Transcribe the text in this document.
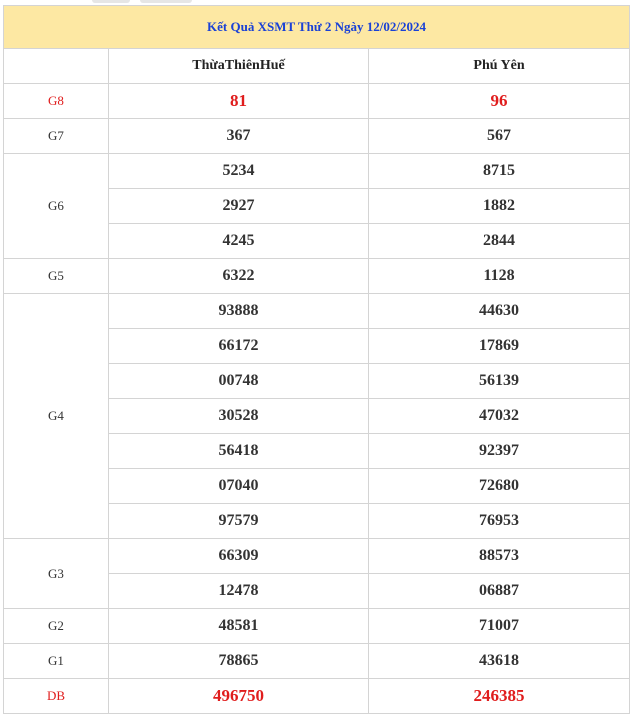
Kết Quả XSMT Thứ 2 Ngày 12/02/2024		
	ThừaThiênHuế	Phú Yên
G8	81	96
G7	367	567
G6	5234	8715
	2927	1882
	4245	2844
G5	6322	1128
G4	93888	44630
	66172	17869
	00748	56139
	30528	47032
	56418	92397
	07040	72680
	97579	76953
G3	66309	88573
	12478	06887
G2	48581	71007
G1	78865	43618
DB	496750	246385
